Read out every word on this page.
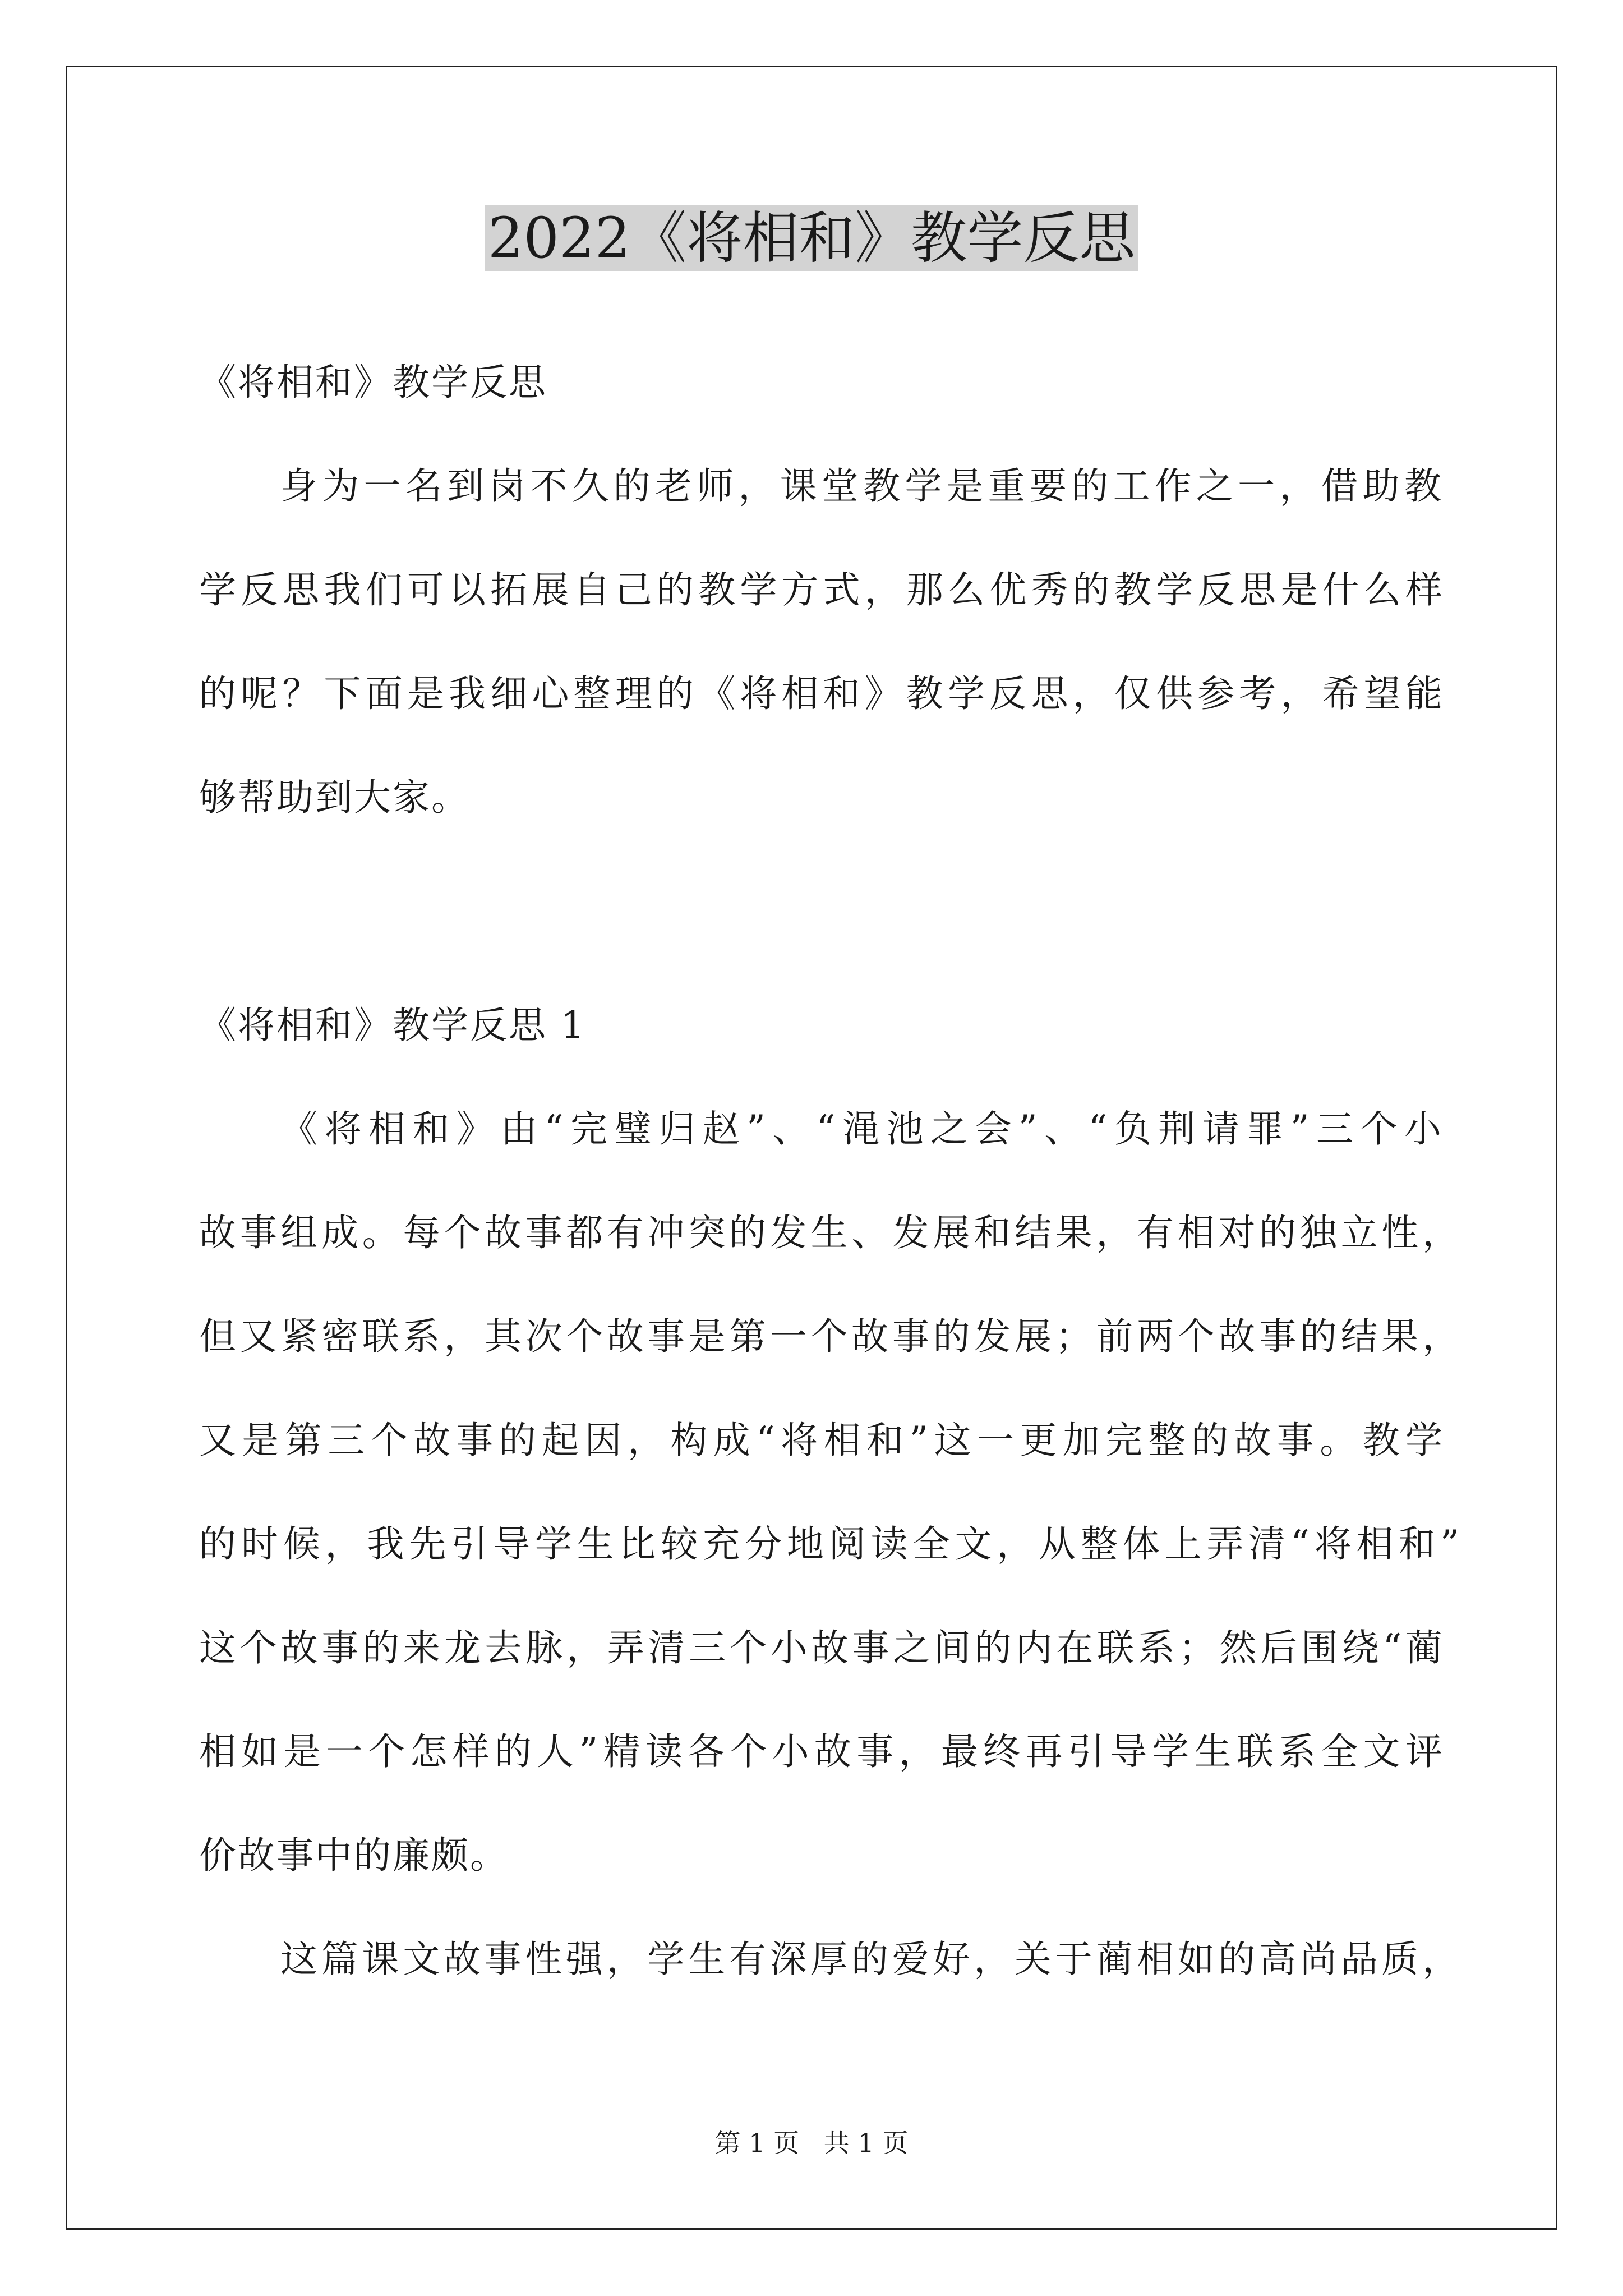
2022《将相和》教学反思
《将相和》教学反思
身为一名到岗不久的老师，课堂教学是重要的工作之一，借助教
学反思我们可以拓展自己的教学方式，那么优秀的教学反思是什么样
的呢？下面是我细心整理的《将相和》教学反思，仅供参考，希望能
够帮助到大家。
《将相和》教学反思 1
《将相和》由“完璧归赵”、“渑池之会”、“负荆请罪”三个小
故事组成。每个故事都有冲突的发生、发展和结果，有相对的独立性，
但又紧密联系，其次个故事是第一个故事的发展；前两个故事的结果，
又是第三个故事的起因，构成“将相和”这一更加完整的故事。教学
的时候，我先引导学生比较充分地阅读全文，从整体上弄清“将相和”
这个故事的来龙去脉，弄清三个小故事之间的内在联系；然后围绕“蔺
相如是一个怎样的人”精读各个小故事，最终再引导学生联系全文评
价故事中的廉颇。
这篇课文故事性强，学生有深厚的爱好，关于蔺相如的高尚品质，
第 1 页   共 1 页
